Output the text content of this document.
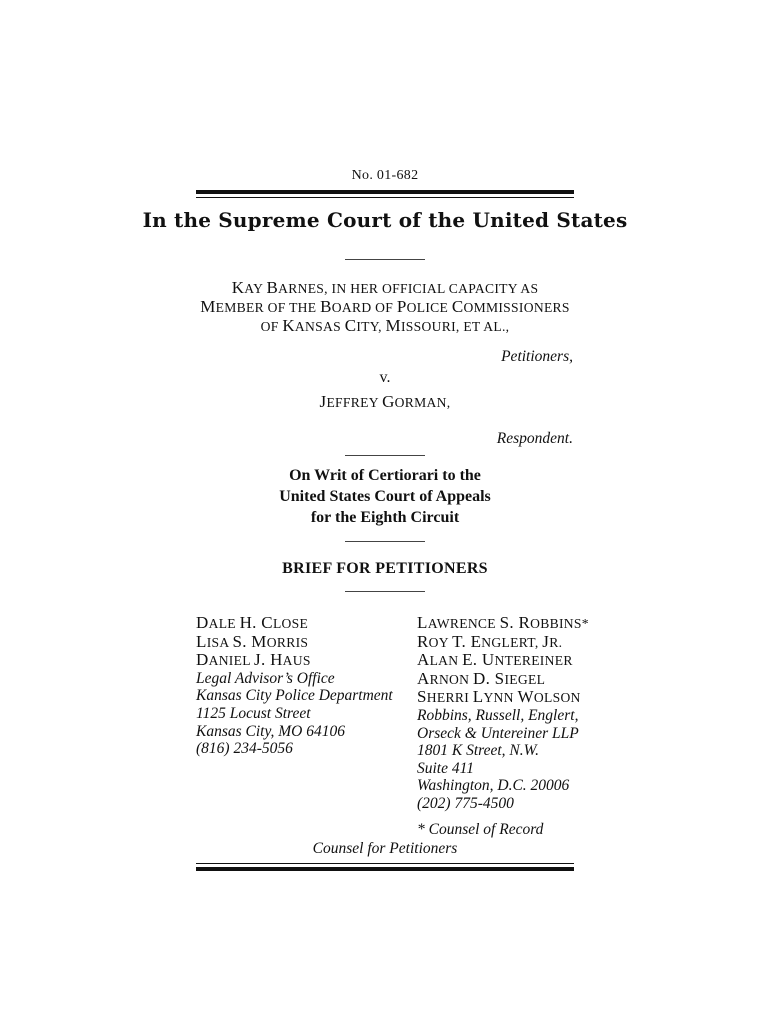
No. 01-682
In the Supreme Court of the United States
KAY BARNES, IN HER OFFICIAL CAPACITY AS
MEMBER OF THE BOARD OF POLICE COMMISSIONERS
OF KANSAS CITY, MISSOURI, ET AL.,
Petitioners,
v.
JEFFREY GORMAN,
Respondent.
On Writ of Certiorari to the
United States Court of Appeals
for the Eighth Circuit
BRIEF FOR PETITIONERS
DALE H. CLOSE
LISA S. MORRIS
DANIEL J. HAUS
Legal Advisor’s Office
Kansas City Police Department
1125 Locust Street
Kansas City, MO 64106
(816) 234-5056
LAWRENCE S. ROBBINS*
ROY T. ENGLERT, JR.
ALAN E. UNTEREINER
ARNON D. SIEGEL
SHERRI LYNN WOLSON
Robbins, Russell, Englert,
Orseck & Untereiner LLP
1801 K Street, N.W.
Suite 411
Washington, D.C. 20006
(202) 775-4500
* Counsel of Record
Counsel for Petitioners
